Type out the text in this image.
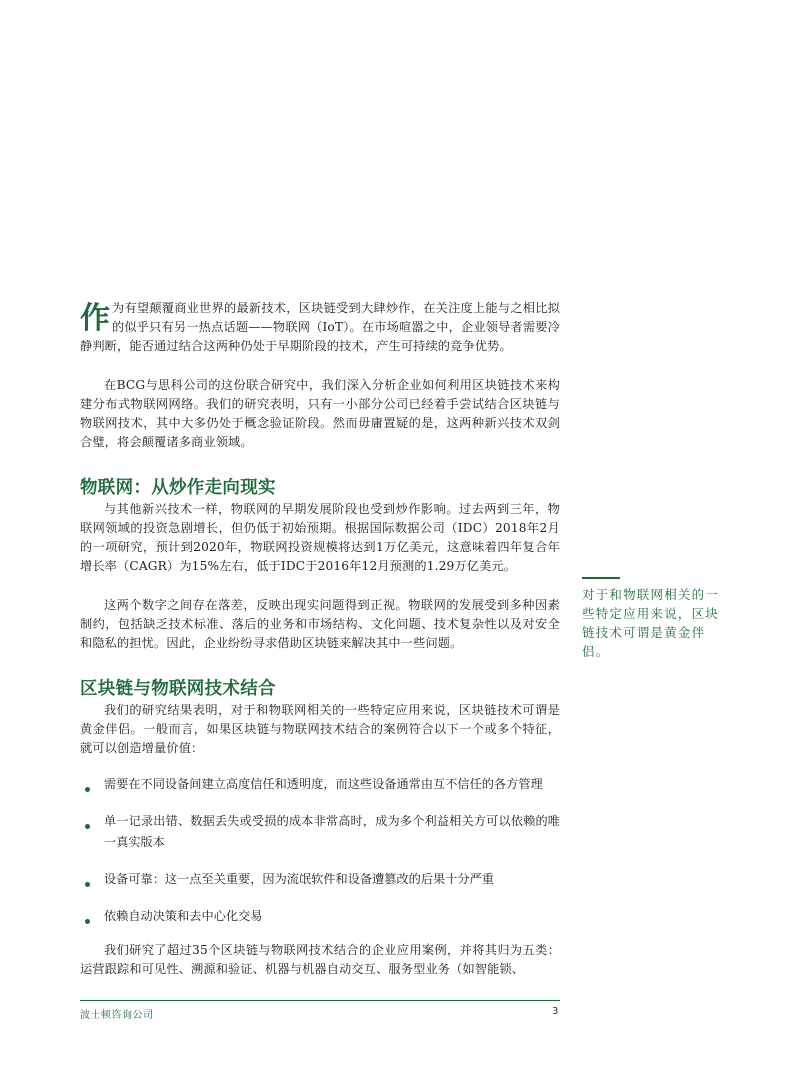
作 为有望颠覆商业世界的最新技术，区块链受到大肆炒作，在关注度上能与之相比拟的似乎只有另一热点话题——物联网（IoT）。在市场喧嚣之中，企业领导者需要冷静判断，能否通过结合这两种仍处于早期阶段的技术，产生可持续的竞争优势。

在BCG与思科公司的这份联合研究中，我们深入分析企业如何利用区块链技术来构建分布式物联网网络。我们的研究表明，只有一小部分公司已经着手尝试结合区块链与物联网技术，其中大多仍处于概念验证阶段。然而毋庸置疑的是，这两种新兴技术双剑合璧，将会颠覆诸多商业领域。

物联网：从炒作走向现实

与其他新兴技术一样，物联网的早期发展阶段也受到炒作影响。过去两到三年，物联网领域的投资急剧增长，但仍低于初始预期。根据国际数据公司（IDC）2018年2月的一项研究，预计到2020年，物联网投资规模将达到1万亿美元，这意味着四年复合年增长率（CAGR）为15%左右，低于IDC于2016年12月预测的1.29万亿美元。

这两个数字之间存在落差，反映出现实问题得到正视。物联网的发展受到多种因素制约，包括缺乏技术标准、落后的业务和市场结构、文化问题、技术复杂性以及对安全和隐私的担忧。因此，企业纷纷寻求借助区块链来解决其中一些问题。

区块链与物联网技术结合

我们的研究结果表明，对于和物联网相关的一些特定应用来说，区块链技术可谓是黄金伴侣。一般而言，如果区块链与物联网技术结合的案例符合以下一个或多个特征，就可以创造增量价值：

需要在不同设备间建立高度信任和透明度，而这些设备通常由互不信任的各方管理
单一记录出错、数据丢失或受损的成本非常高时，成为多个利益相关方可以依赖的唯一真实版本
设备可靠：这一点至关重要，因为流氓软件和设备遭篡改的后果十分严重
依赖自动决策和去中心化交易

我们研究了超过35个区块链与物联网技术结合的企业应用案例，并将其归为五类：运营跟踪和可见性、溯源和验证、机器与机器自动交互、服务型业务（如智能锁、

对于和物联网相关的一些特定应用来说，区块链技术可谓是黄金伴侣。

波士顿咨询公司	3
